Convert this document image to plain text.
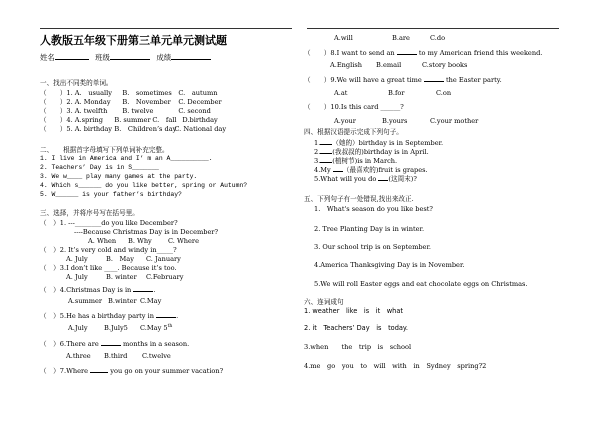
人教版五年级下册第三单元单元测试题
姓名	班级	成绩
一、找出不同类的单词。
（　　）1. A.　usually B.　sometimes C.　autumn
（　　）2. A. Monday B.　November C. December
（　　）3. A. twelfth B. twelve	C. second
（　　）4. A.spring B. summer C.　fall D.birthday
（　　）5. A. birthday B.　Children’s dayC. National day
二、　　根据首字母填写下列单词补充完整。
1. I live in America and I’ m an A__________.
2. Teachers’ Day is in S_______
3. We w____ play many games at the party.
4. Which s______ do you like better, spring or Autumn?
5. W______ is your father’s birthday?
三、选择，并将序号写在括号里。
（　）1. ---________do you like December?
----Because Christmas Day is in December?
A. When B. Why C. Where
（　）2. It’s very cold and windy in_____?
A. July	B.　May C. January
（　）3.I don’t like ____. Because it’s too.
A. July	B. winter C.February
（　）4.Christmas Day is in	.
A.summer B.winter C.May
（　）5.He has a birthday party in	.
A.July B.July5 C.May 5th
（　）6.There are	months in a season.
A.three B.third C.twelve
（　）7.Where	you go on your summer vacation?
A.will	B.are	C.do
（　　）8.I want to send an	to my American friend this weekend.
A.English B.email	C.story books
（　　）9.We will have a great time	the Easter party.
A.at	B.for	C.on
（　　）10.Is this card ______?
A.your	B.yours	C.your mother
四、根据汉语提示完成下列句子。
1. （她的）birthday is in September.
2. (我叔叔的)birthday is in April.
3. (植树节)is in March.
4.My （最喜欢的)fruit is grapes.
5.What will you do (这周末)?
五、下列句子有一处错误,找出来改正.
1.　What's season do you like best?
2. Tree Planting Day is in winter.
3. Our school trip is on September.
4.America Thanksgiving Day is in November.
5.We will roll Easter eggs and eat chocolate eggs on Christmas.
六、连词成句
1. weather　like　is　it　what
2. it　Teachers’ Day　is　today.
3.when　　the　trip　is　school
4.me　go　you　to　will　with　in　Sydney　spring?2
